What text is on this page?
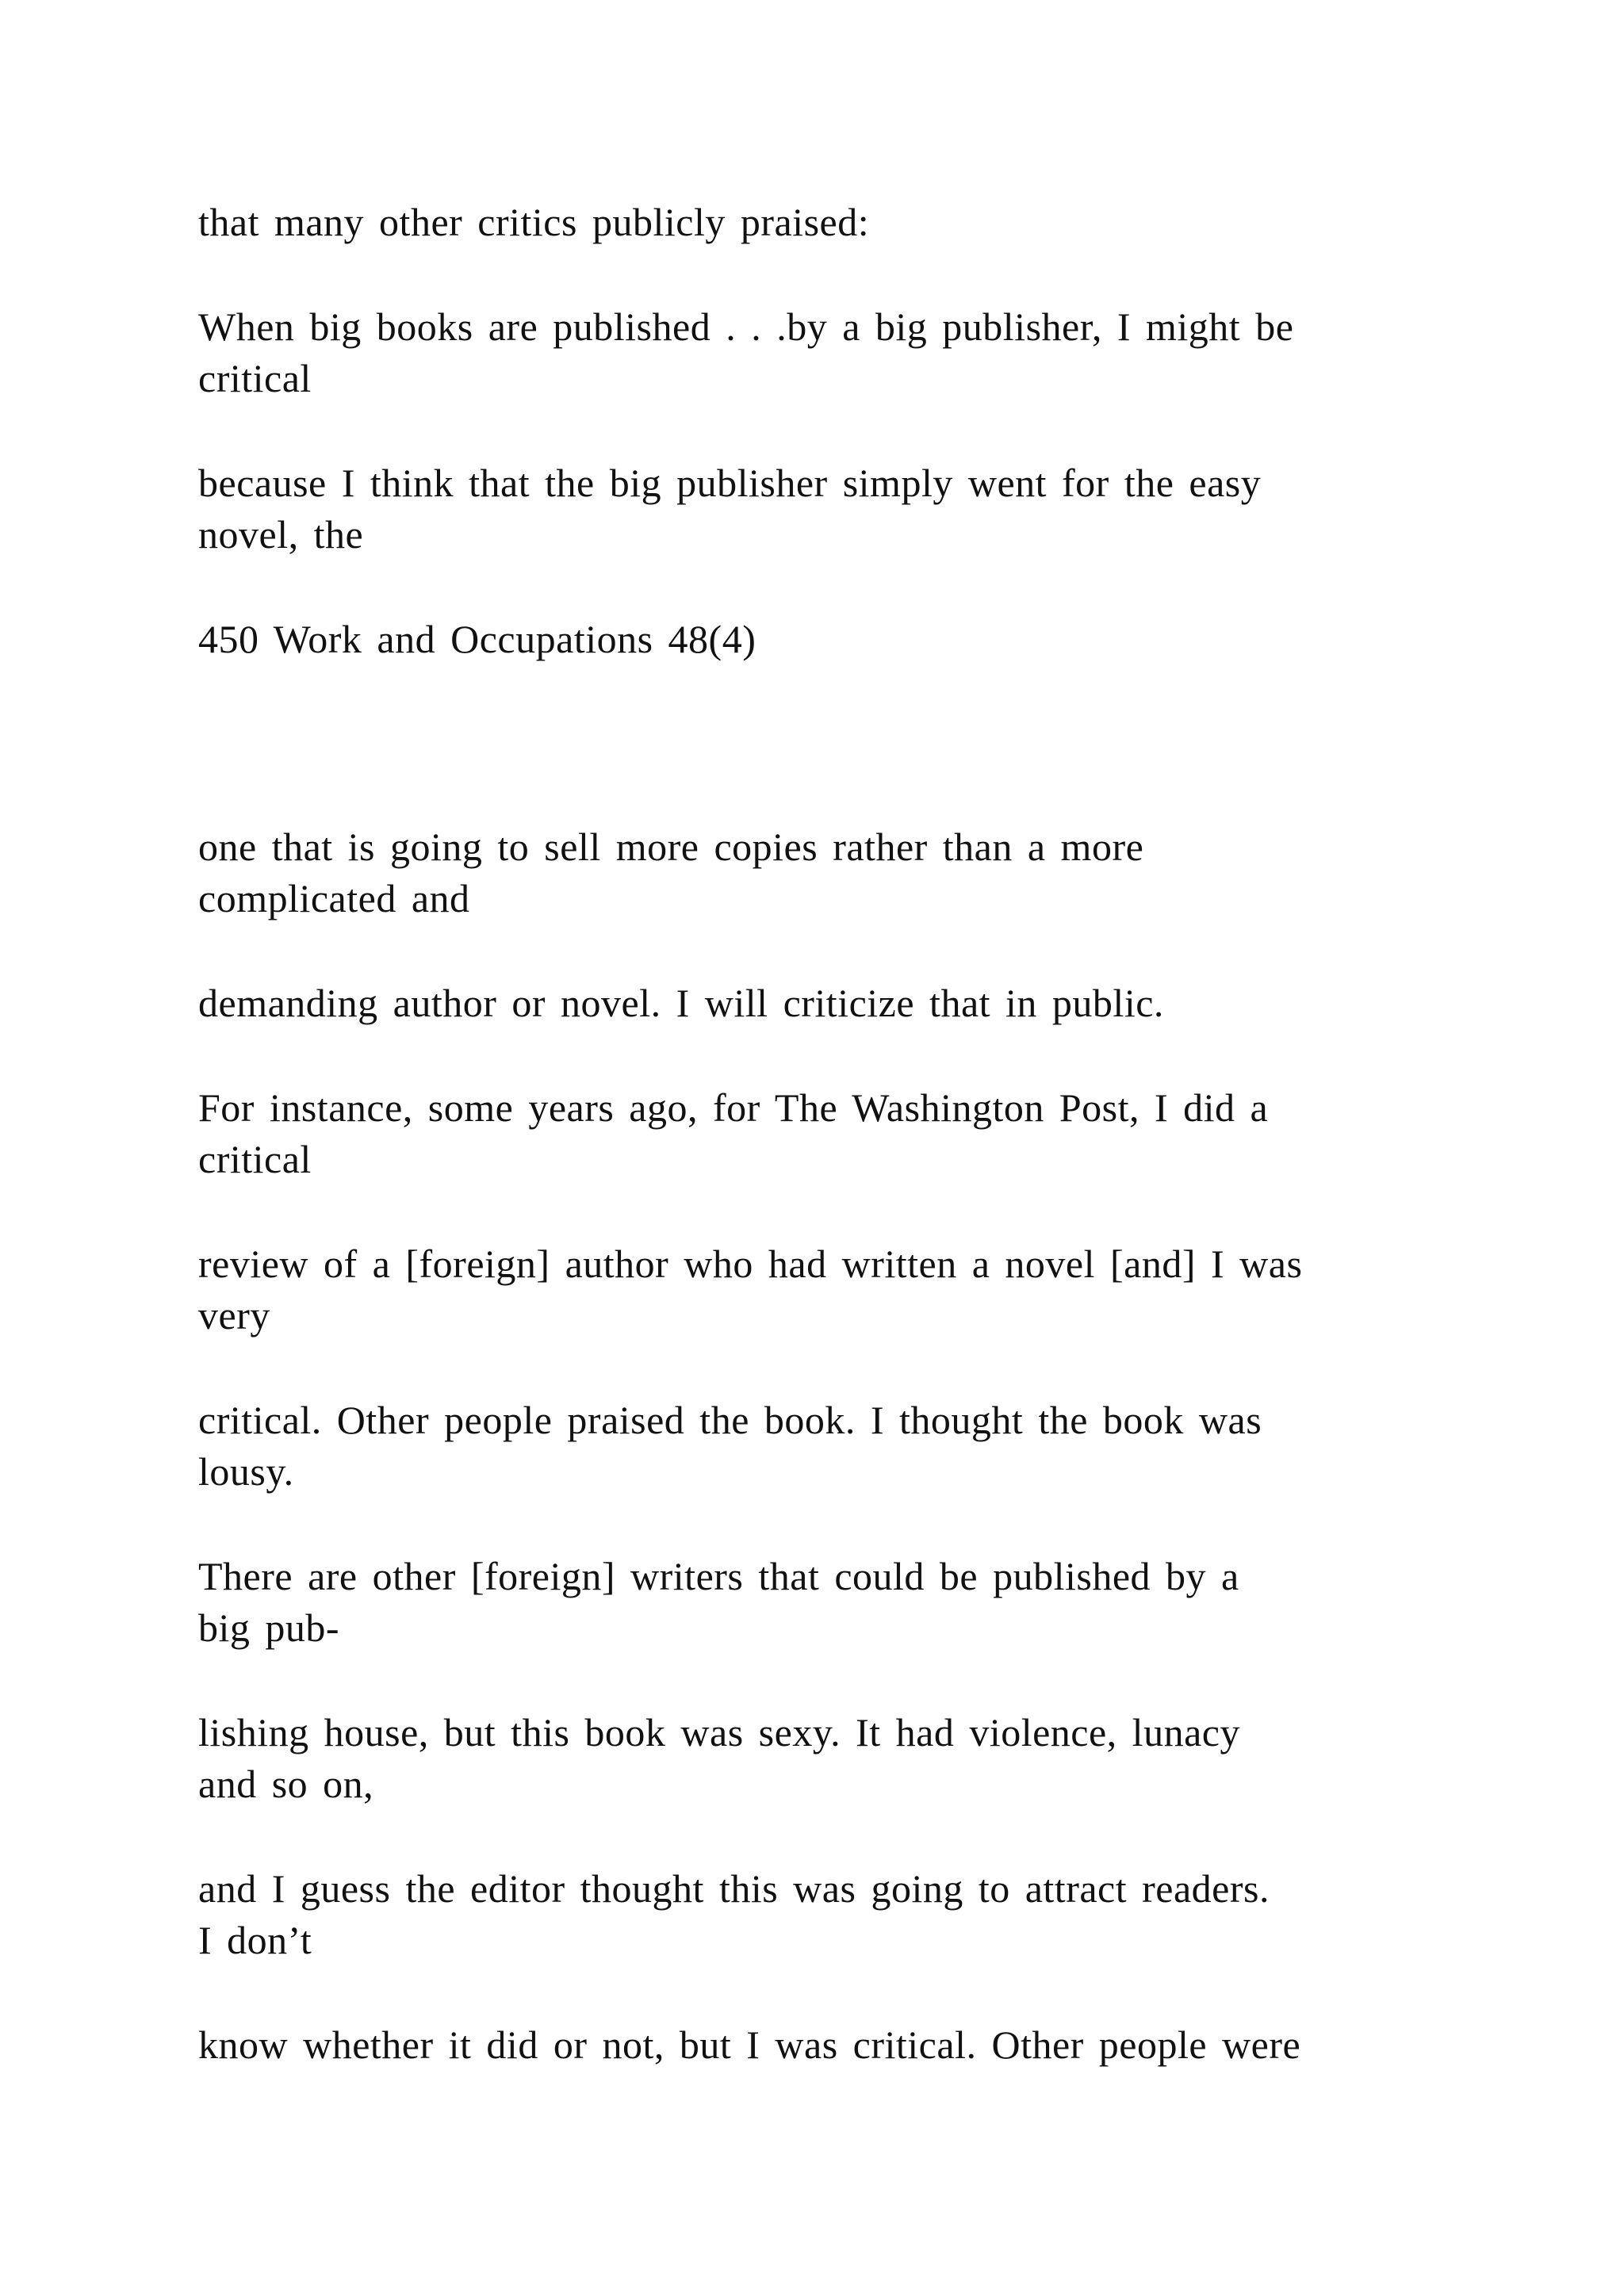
that many other critics publicly praised:

When big books are published . . .by a big publisher, I might be

critical

because I think that the big publisher simply went for the easy

novel, the

450 Work and Occupations 48(4)

one that is going to sell more copies rather than a more

complicated and

demanding author or novel. I will criticize that in public.

For instance, some years ago, for The Washington Post, I did a

critical

review of a [foreign] author who had written a novel [and] I was

very

critical. Other people praised the book. I thought the book was

lousy.

There are other [foreign] writers that could be published by a

big pub-

lishing house, but this book was sexy. It had violence, lunacy

and so on,

and I guess the editor thought this was going to attract readers.

I don’t

know whether it did or not, but I was critical. Other people were
